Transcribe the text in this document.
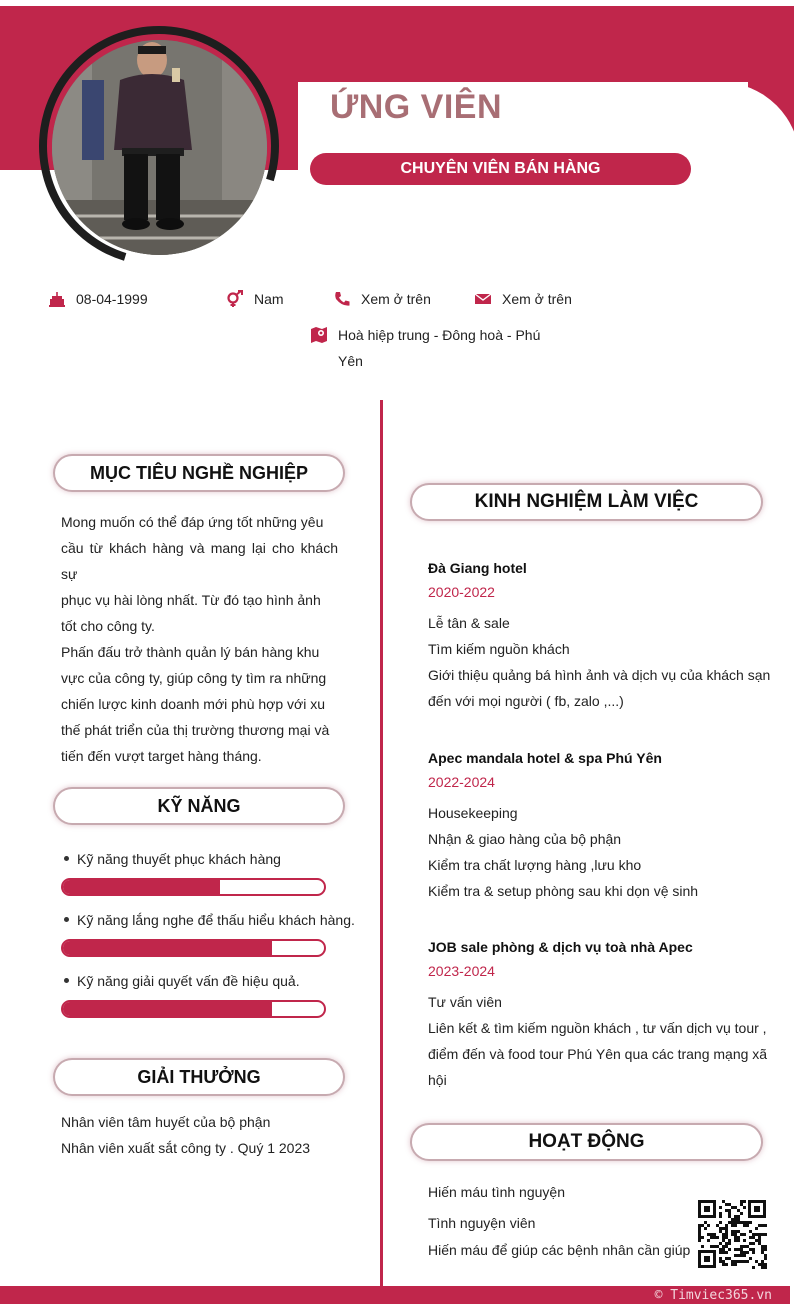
ỨNG VIÊN
CHUYÊN VIÊN BÁN HÀNG
08-04-1999	Nam	Xem ở trên	Xem ở trên
Hoà hiệp trung - Đông hoà - Phú
Yên
MỤC TIÊU NGHỀ NGHIỆP
Mong muốn có thể đáp ứng tốt những yêu
cầu từ khách hàng và mang lại cho khách sự
phục vụ hài lòng nhất. Từ đó tạo hình ảnh
tốt cho công ty.
Phấn đấu trở thành quản lý bán hàng khu
vực của công ty, giúp công ty tìm ra những
chiến lược kinh doanh mới phù hợp với xu
thế phát triển của thị trường thương mại và
tiến đến vượt target hàng tháng.
KỸ NĂNG
Kỹ năng thuyết phục khách hàng
Kỹ năng lắng nghe để thấu hiểu khách hàng.
Kỹ năng giải quyết vấn đề hiệu quả.
GIẢI THƯỞNG
Nhân viên tâm huyết của bộ phận
Nhân viên xuất sắt công ty . Quý 1 2023
KINH NGHIỆM LÀM VIỆC
Đà Giang hotel
2020-2022
Lễ tân & sale
Tìm kiếm nguồn khách
Giới thiệu quảng bá hình ảnh và dịch vụ của khách sạn
đến với mọi người ( fb, zalo ,...)
Apec mandala hotel & spa Phú Yên
2022-2024
Housekeeping
Nhận & giao hàng của bộ phận
Kiểm tra chất lượng hàng ,lưu kho
Kiểm tra & setup phòng sau khi dọn vệ sinh
JOB sale phòng & dịch vụ toà nhà Apec
2023-2024
Tư vấn viên
Liên kết & tìm kiếm nguồn khách , tư vấn dịch vụ tour ,
điểm đến và food tour Phú Yên qua các trang mạng xã
hội
HOẠT ĐỘNG
Hiến máu tình nguyện
Tình nguyện viên
Hiến máu để giúp các bệnh nhân cần giúp
© Timviec365.vn
